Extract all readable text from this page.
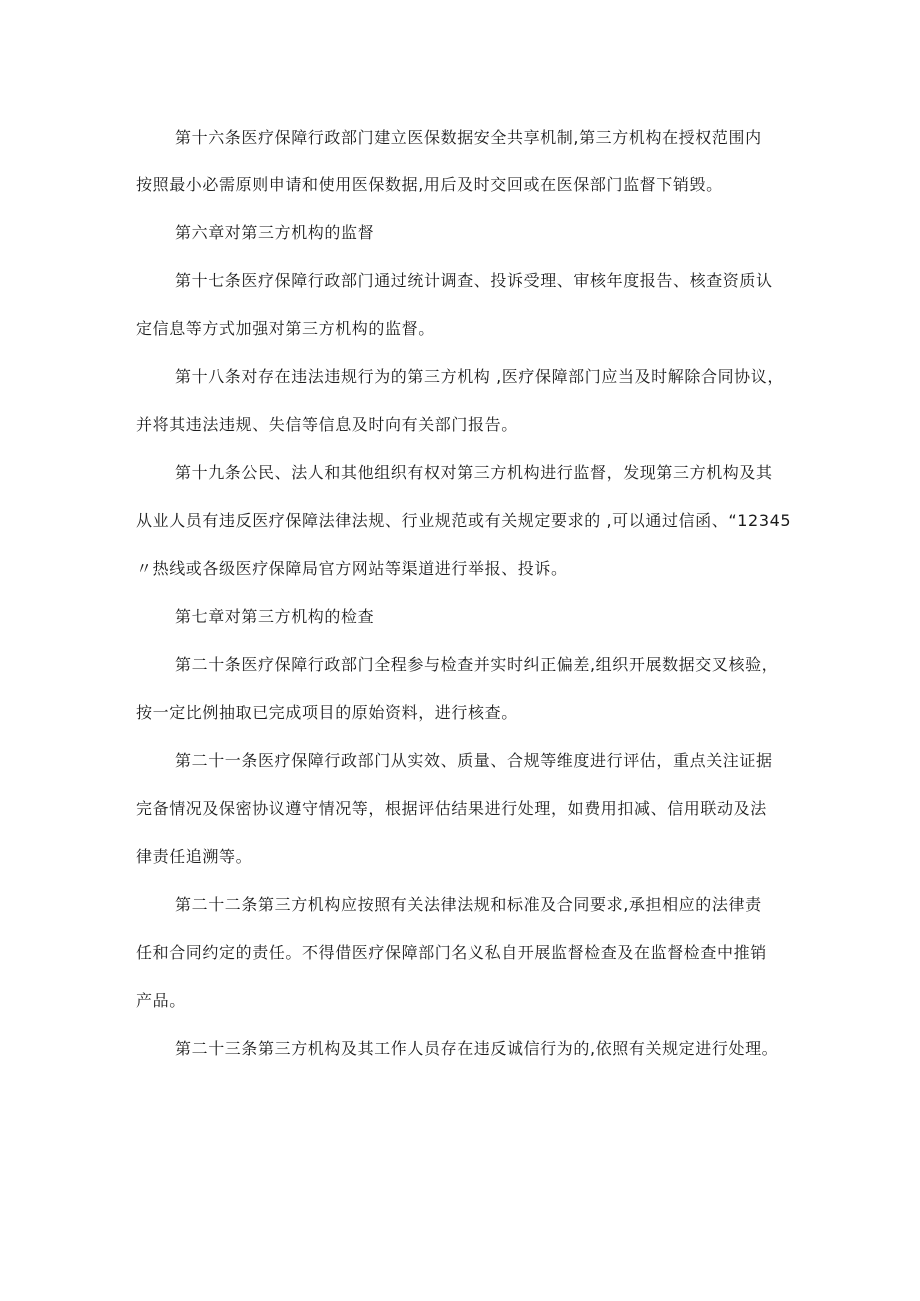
第十六条医疗保障行政部门建立医保数据安全共享机制,第三方机构在授权范围内
按照最小必需原则申请和使用医保数据,用后及时交回或在医保部门监督下销毁。
第六章对第三方机构的监督
第十七条医疗保障行政部门通过统计调查、投诉受理、审核年度报告、核查资质认
定信息等方式加强对第三方机构的监督。
第十八条对存在违法违规行为的第三方机构 ,医疗保障部门应当及时解除合同协议，
并将其违法违规、失信等信息及时向有关部门报告。
第十九条公民、法人和其他组织有权对第三方机构进行监督，发现第三方机构及其
从业人员有违反医疗保障法律法规、行业规范或有关规定要求的 ,可以通过信函、“12345
〃热线或各级医疗保障局官方网站等渠道进行举报、投诉。
第七章对第三方机构的检查
第二十条医疗保障行政部门全程参与检查并实时纠正偏差,组织开展数据交叉核验，
按一定比例抽取已完成项目的原始资料，进行核查。
第二十一条医疗保障行政部门从实效、质量、合规等维度进行评估，重点关注证据
完备情况及保密协议遵守情况等，根据评估结果进行处理，如费用扣减、信用联动及法
律责任追溯等。
第二十二条第三方机构应按照有关法律法规和标准及合同要求,承担相应的法律责
任和合同约定的责任。不得借医疗保障部门名义私自开展监督检查及在监督检查中推销
产品。
第二十三条第三方机构及其工作人员存在违反诚信行为的,依照有关规定进行处理。
